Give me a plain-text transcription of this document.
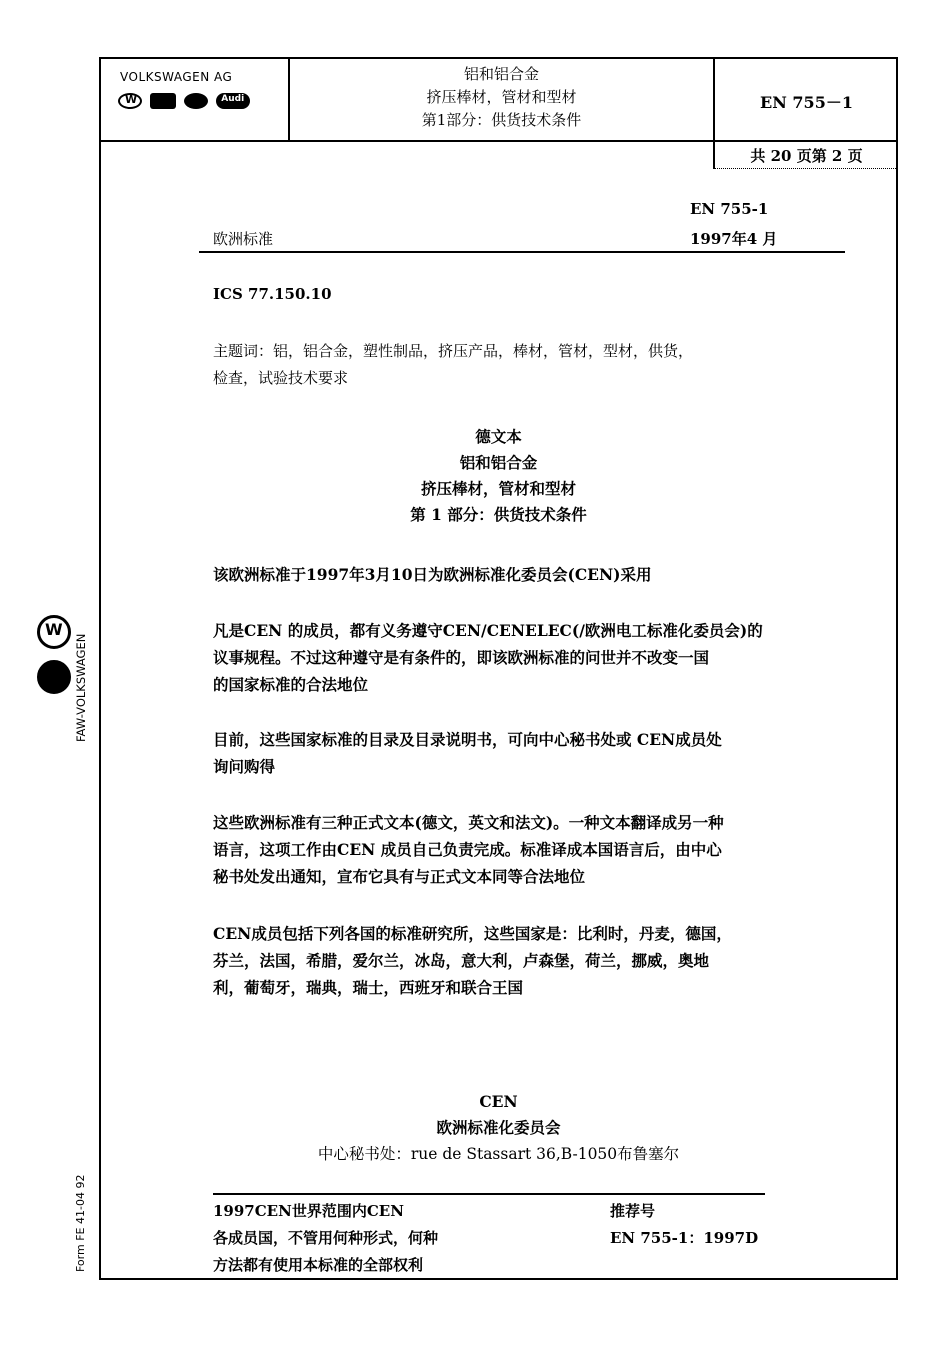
VOLKSWAGEN AG
W   Audi	铝和铝合金
挤压棒材，管材和型材
第1部分：供货技术条件
EN 755－1
共 20 页第 2 页
W
FAW-VOLKSWAGEN
Form FE 41-04 92
EN 755-1
欧洲标准	1997年4 月
ICS 77.150.10
主题词：铝，铝合金，塑性制品，挤压产品，棒材，管材，型材，供货，
检查，试验技术要求
德文本
铝和铝合金
挤压棒材，管材和型材
第 1 部分：供货技术条件
该欧洲标准于1997年3月10日为欧洲标准化委员会(CEN)采用
凡是CEN 的成员，都有义务遵守CEN/CENELEC(/欧洲电工标准化委员会)的
议事规程。不过这种遵守是有条件的，即该欧洲标准的问世并不改变一国
的国家标准的合法地位
目前，这些国家标准的目录及目录说明书，可向中心秘书处或 CEN成员处
询问购得
这些欧洲标准有三种正式文本(德文，英文和法文)。一种文本翻译成另一种
语言，这项工作由CEN 成员自己负责完成。标准译成本国语言后，由中心
秘书处发出通知，宣布它具有与正式文本同等合法地位
CEN成员包括下列各国的标准研究所，这些国家是：比利时，丹麦，德国，
芬兰，法国，希腊，爱尔兰，冰岛，意大利，卢森堡，荷兰，挪威，奥地
利，葡萄牙，瑞典，瑞士，西班牙和联合王国
CEN
欧洲标准化委员会
中心秘书处：rue de Stassart 36,B-1050布鲁塞尔
1997CEN世界范围内CEN
各成员国，不管用何种形式，何种
方法都有使用本标准的全部权利
推荐号
EN 755-1：1997D
